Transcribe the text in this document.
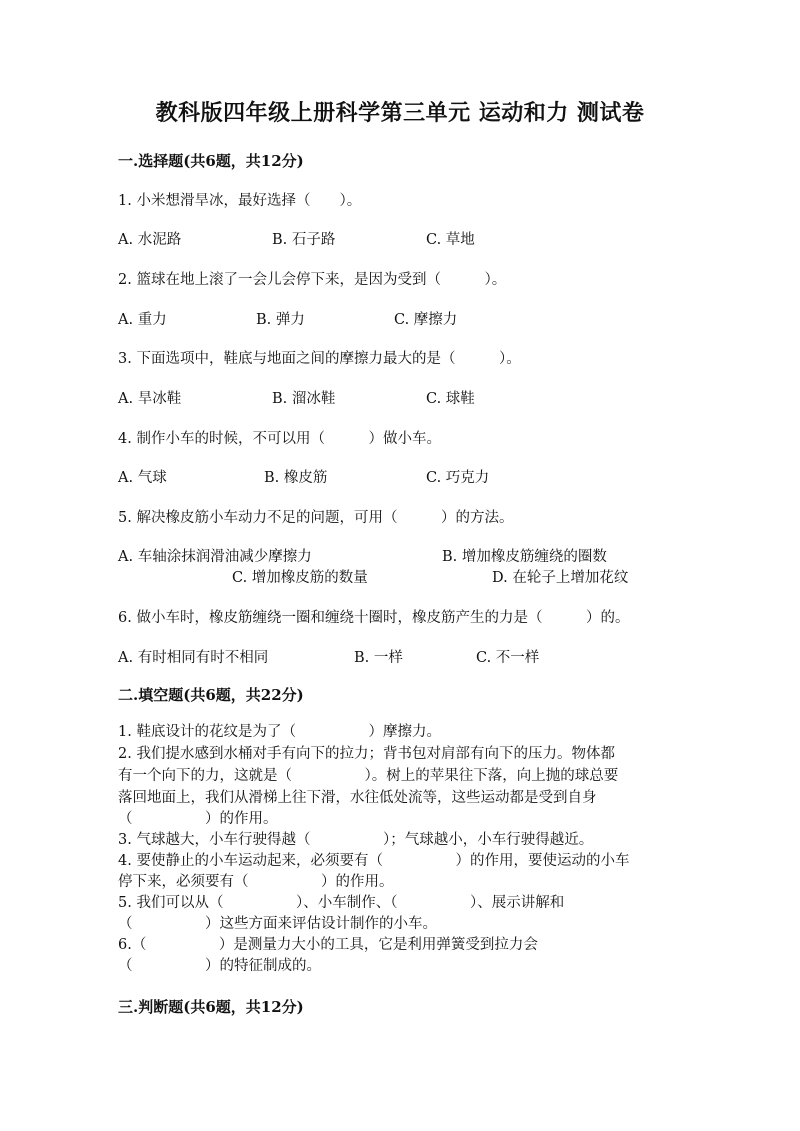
教科版四年级上册科学第三单元 运动和力 测试卷
一.选择题(共6题，共12分)
1. 小米想滑旱冰，最好选择（　　）。
A. 水泥路	B. 石子路	C. 草地
2. 篮球在地上滚了一会儿会停下来，是因为受到（　　　）。
A. 重力	B. 弹力	C. 摩擦力
3. 下面选项中，鞋底与地面之间的摩擦力最大的是（　　　）。
A. 旱冰鞋	B. 溜冰鞋	C. 球鞋
4. 制作小车的时候，不可以用（　　　）做小车。
A. 气球	B. 橡皮筋	C. 巧克力
5. 解决橡皮筋小车动力不足的问题，可用（　　　）的方法。
A. 车轴涂抹润滑油减少摩擦力	B. 增加橡皮筋缠绕的圈数
C. 增加橡皮筋的数量	D. 在轮子上增加花纹
6. 做小车时，橡皮筋缠绕一圈和缠绕十圈时，橡皮筋产生的力是（　　　）的。
A. 有时相同有时不相同	B. 一样	C. 不一样
二.填空题(共6题，共22分)
1. 鞋底设计的花纹是为了（　　　　　）摩擦力。
2. 我们提水感到水桶对手有向下的拉力；背书包对肩部有向下的压力。物体都
有一个向下的力，这就是（　　　　　）。树上的苹果往下落，向上抛的球总要
落回地面上，我们从滑梯上往下滑，水往低处流等，这些运动都是受到自身
（　　　　　）的作用。
3. 气球越大，小车行驶得越（　　　　　）；气球越小，小车行驶得越近。
4. 要使静止的小车运动起来，必须要有（　　　　　）的作用，要使运动的小车
停下来，必须要有（　　　　　）的作用。
5. 我们可以从（　　　　　）、小车制作、（　　　　　）、展示讲解和
（　　　　　）这些方面来评估设计制作的小车。
6.（　　　　　）是测量力大小的工具，它是利用弹簧受到拉力会
（　　　　　）的特征制成的。
三.判断题(共6题，共12分)
